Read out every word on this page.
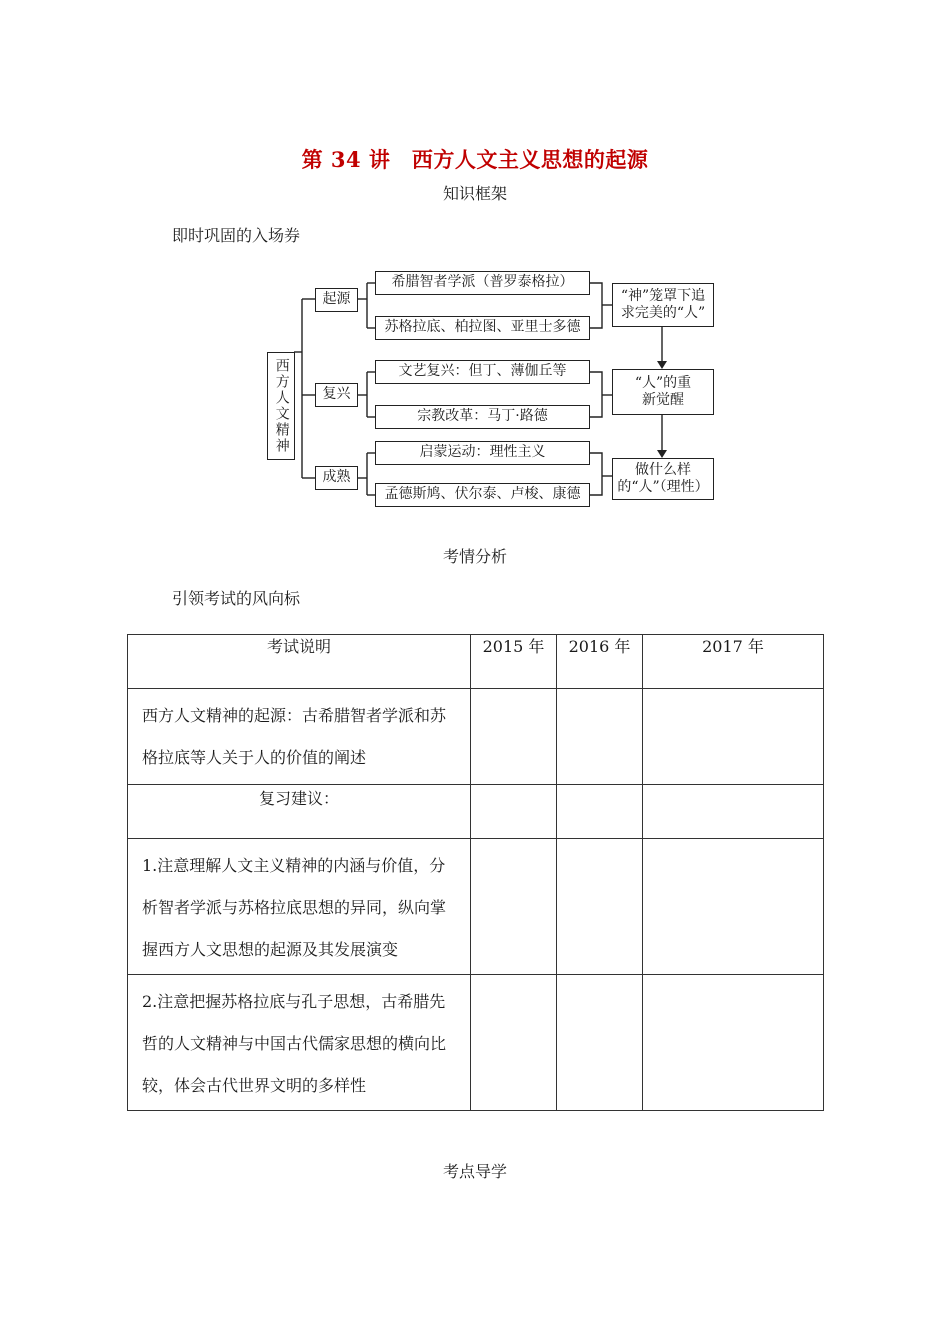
第 34 讲　西方人文主义思想的起源
知识框架
即时巩固的入场券
西方人文精神
起源
复兴
成熟
希腊智者学派（普罗泰格拉）
苏格拉底、柏拉图、亚里士多德
文艺复兴：但丁、薄伽丘等
宗教改革：马丁·路德
启蒙运动：理性主义
孟德斯鸠、伏尔泰、卢梭、康德
“神”笼罩下追求完美的“人”
“人”的重新觉醒
做什么样的“人”（理性）
考情分析
引领考试的风向标
考试说明	2015 年	2016 年	2017 年

西方人文精神的起源：古希腊智者学派和苏格拉底等人关于人的价值的阐述			

复习建议：			

1.注意理解人文主义精神的内涵与价值，分析智者学派与苏格拉底思想的异同，纵向掌握西方人文思想的起源及其发展演变			

2.注意把握苏格拉底与孔子思想，古希腊先哲的人文精神与中国古代儒家思想的横向比较，体会古代世界文明的多样性			

考点导学
